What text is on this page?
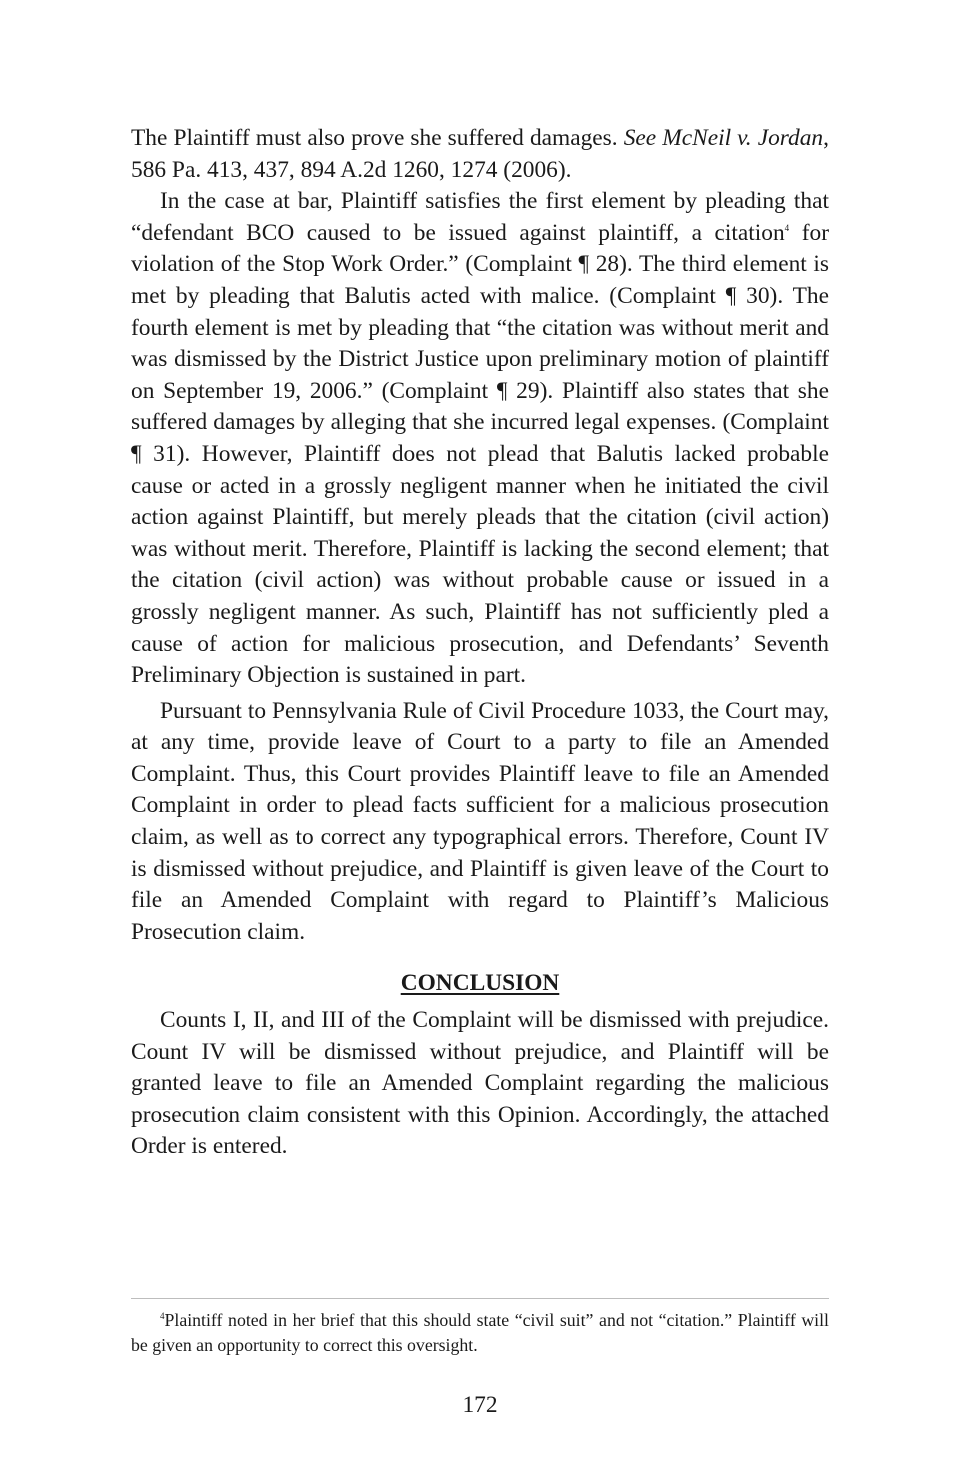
The Plaintiff must also prove she suffered damages. See McNeil v. Jordan, 586 Pa. 413, 437, 894 A.2d 1260, 1274 (2006).

In the case at bar, Plaintiff satisfies the first element by pleading that “defendant BCO caused to be issued against plaintiff, a citation$^4$ for violation of the Stop Work Order.” (Complaint ¶ 28). The third element is met by pleading that Balutis acted with malice. (Complaint ¶ 30). The fourth element is met by pleading that “the citation was without merit and was dismissed by the District Justice upon preliminary motion of plaintiff on September 19, 2006.” (Complaint ¶ 29). Plaintiff also states that she suffered damages by alleging that she incurred legal expenses. (Complaint ¶ 31). However, Plaintiff does not plead that Balutis lacked probable cause or acted in a grossly negligent manner when he initiated the civil action against Plaintiff, but merely pleads that the citation (civil action) was without merit. Therefore, Plaintiff is lacking the second element; that the citation (civil action) was without probable cause or issued in a grossly negligent manner. As such, Plaintiff has not sufficiently pled a cause of action for malicious prosecution, and Defendants’ Seventh Preliminary Objection is sustained in part.

Pursuant to Pennsylvania Rule of Civil Procedure 1033, the Court may, at any time, provide leave of Court to a party to file an Amended Complaint. Thus, this Court provides Plaintiff leave to file an Amended Complaint in order to plead facts sufficient for a malicious prosecution claim, as well as to correct any typographical errors. Therefore, Count IV is dismissed without prejudice, and Plaintiff is given leave of the Court to file an Amended Complaint with regard to Plaintiff’s Malicious Prosecution claim.

CONCLUSION

Counts I, II, and III of the Complaint will be dismissed with prejudice. Count IV will be dismissed without prejudice, and Plaintiff will be granted leave to file an Amended Complaint regarding the malicious prosecution claim consistent with this Opinion. Accordingly, the attached Order is entered.

$^4$Plaintiff noted in her brief that this should state “civil suit” and not “citation.” Plaintiff will be given an opportunity to correct this oversight.

172
